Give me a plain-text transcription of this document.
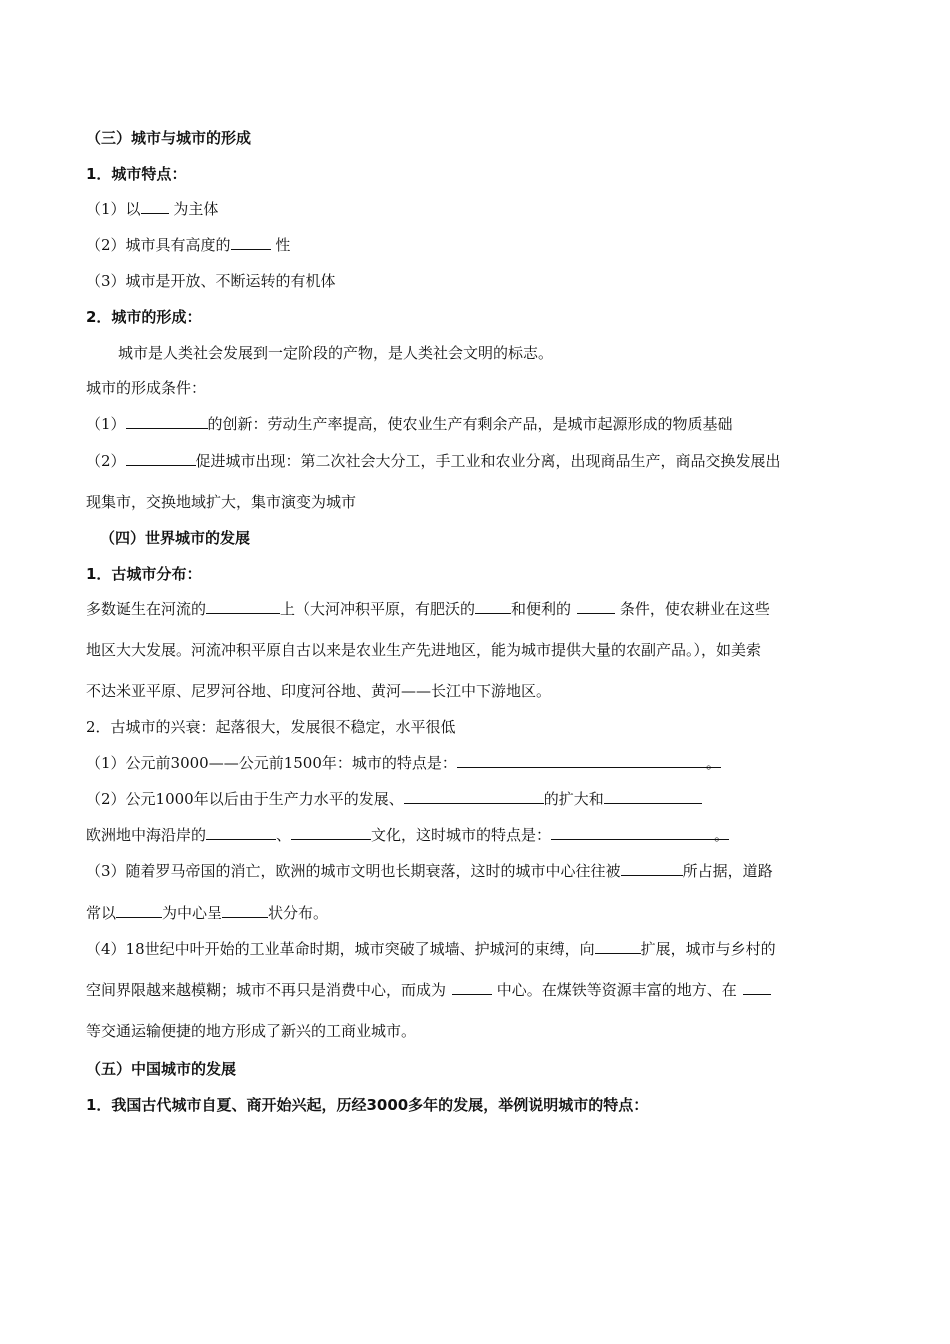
（三）城市与城市的形成
1．城市特点：
（1）以 为主体
（2）城市具有高度的	性
（3）城市是开放、不断运转的有机体
2．城市的形成：
城市是人类社会发展到一定阶段的产物，是人类社会文明的标志。
城市的形成条件：
（1）	的创新：劳动生产率提高，使农业生产有剩余产品，是城市起源形成的物质基础
（2）	促进城市出现：第二次社会大分工，手工业和农业分离，出现商品生产，商品交换发展出
现集市，交换地域扩大，集市演变为城市
（四）世界城市的发展
1．古城市分布：
多数诞生在河流的	上（大河冲积平原，有肥沃的 和便利的	条件，使农耕业在这些
地区大大发展。河流冲积平原自古以来是农业生产先进地区，能为城市提供大量的农副产品。），如美索
不达米亚平原、尼罗河谷地、印度河谷地、黄河——长江中下游地区。
2．古城市的兴衰：起落很大，发展很不稳定，水平很低
（1）公元前3000——公元前1500年：城市的特点是：	。
（2）公元1000年以后由于生产力水平的发展、	的扩大和
欧洲地中海沿岸的	、	文化，这时城市的特点是：	。
（3）随着罗马帝国的消亡，欧洲的城市文明也长期衰落，这时的城市中心往往被	所占据，道路
常以	为中心呈	状分布。
（4）18世纪中叶开始的工业革命时期，城市突破了城墙、护城河的束缚，向	扩展，城市与乡村的
空间界限越来越模糊；城市不再只是消费中心，而成为	中心。在煤铁等资源丰富的地方、在
等交通运输便捷的地方形成了新兴的工商业城市。
（五）中国城市的发展
1．我国古代城市自夏、商开始兴起，历经3000多年的发展，举例说明城市的特点：
